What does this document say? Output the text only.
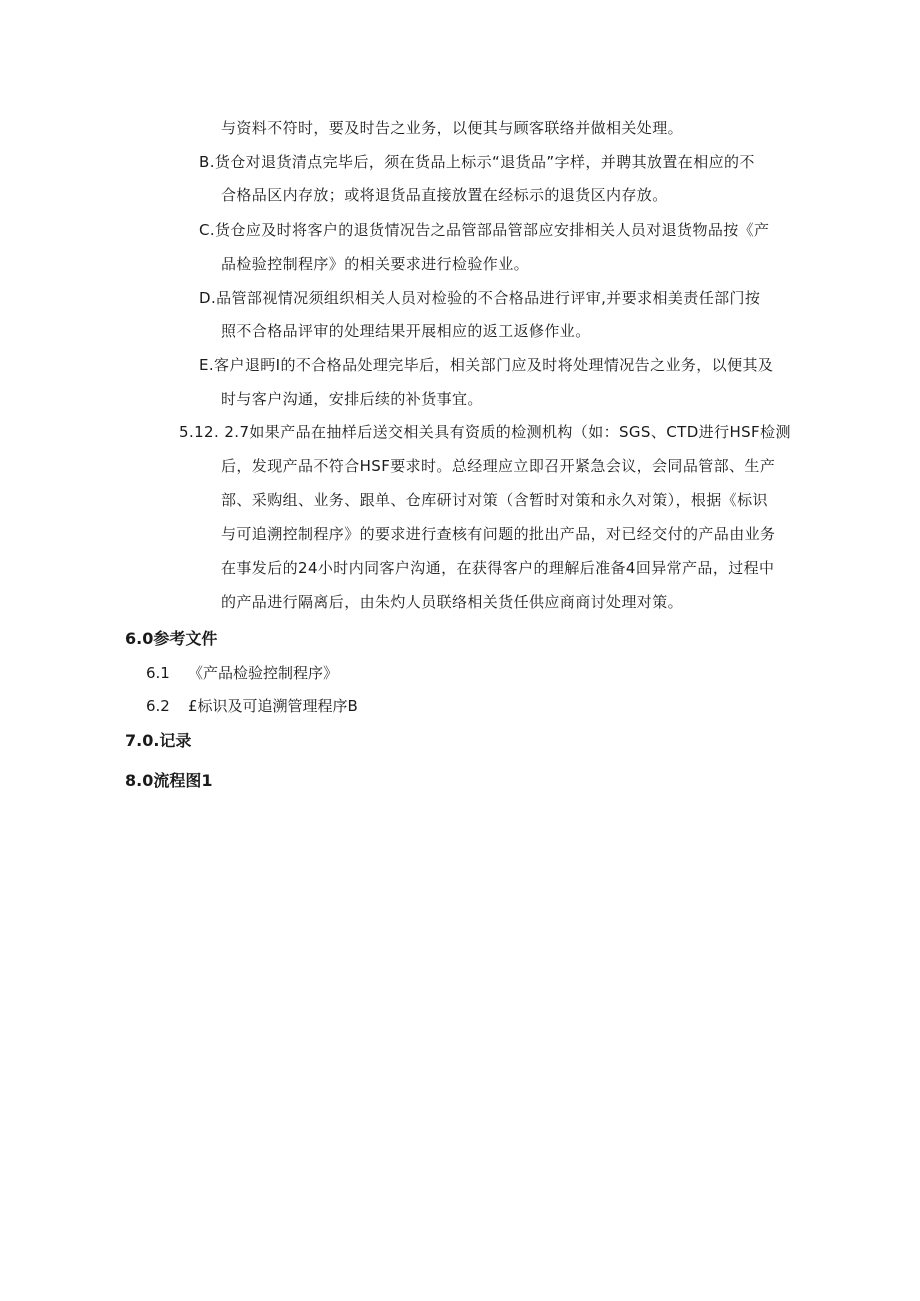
与资料不符时，要及时告之业务，以便其与顾客联络并做相关处理。
B.货仓对退货清点完毕后，须在货品上标示“退货品”字样，并聘其放置在相应的不
合格品区内存放；或将退货品直接放置在经标示的退货区内存放。
C.货仓应及时将客户的退货情况告之品管部品管部应安排相关人员对退货物品按《产
品检验控制程序》的相关要求进行检验作业。
D.品管部视情况须组织相关人员对检验的不合格品进行评审,并要求相美责任部门按
照不合格品评审的处理结果开展相应的返工返修作业。
E.客户退眄I的不合格品处理完毕后，相关部门应及时将处理情况告之业务，以便其及
时与客户沟通，安排后续的补货事宜。
5.12. 2.7如果产品在抽样后送交相关具有资质的检测机构（如：SGS、CTD进行HSF检测
后，发现产品不符合HSF要求时。总经理应立即召开紧急会议，会同品管部、生产
部、采购组、业务、跟单、仓库研讨对策（含暂时对策和永久对策），根据《标识
与可追溯控制程序》的要求进行查核有问题的批出产品，对已经交付的产品由业务
在事发后的24小时内同客户沟通，在获得客户的理解后准备4回异常产品，过程中
的产品进行隔离后，由朱灼人员联络相关货任供应商商讨处理对策。
6.0参考文件
6.1 《产品检验控制程序》
6.2 £标识及可追溯管理程序B
7.0.记录
8.0流程图1
